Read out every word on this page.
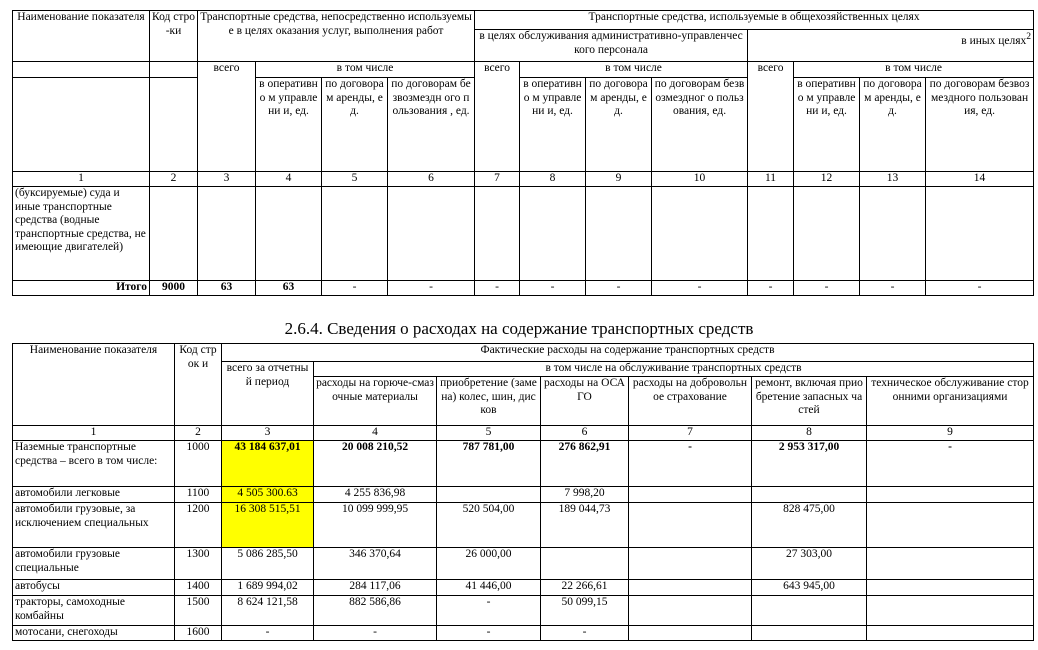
Наименование показателя	Код стро-ки	Транспортные средства, непосредственно используемые в целях оказания услуг, выполнения работ				Транспортные средства, используемые в общехозяйственных целях							
						в целях обслуживания административно-управленческого персонала				в иных целях$^2$
		всего	в том числе			всего	в том числе			всего	в том числе		
			в оперативно м управлени и, ед.	по договорам аренды, ед.	по договорам безвозмездн ого пользования , ед.		в оперативно м управлени и, ед.	по договорам аренды, ед.	по договорам безвозмездног о пользования, ед.		в оперативно м управлени и, ед.	по договора м аренды, ед.	по договорам безвозмездного пользования, ед.
1	2	3	4	5	6	7	8	9	10	11	12	13	14
(буксируемые) суда и иные транспортные средства (водные транспортные средства, не имеющие двигателей)													
Итого	9000	63	63	-	-	-	-	-	-	-	-	-	-
2.6.4. Сведения о расходах на содержание транспортных средств
Наименование показателя	Код строк и	Фактические расходы на содержание транспортных средств						
		всего за отчетный период	в том числе на обслуживание транспортных средств					
			расходы на горюче-смазочные материалы	приобретение (замена) колес, шин, дисков	расходы на ОСАГО	расходы на добровольное страхование	ремонт, включая приобретение запасных частей	техническое обслуживание сторонними организациями
1	2	3	4	5	6	7	8	9
Наземные транспортные средства – всего в том числе:	1000	43 184 637,01	20 008 210,52	787 781,00	276 862,91	-	2 953 317,00	-
автомобили легковые	1100	4 505 300.63	4 255 836,98		7 998,20			
автомобили грузовые, за исключением специальных	1200	16 308 515,51	10 099 999,95	520 504,00	189 044,73		828 475,00	
автомобили грузовые специальные	1300	5 086 285,50	346 370,64	26 000,00			27 303,00	
автобусы	1400	1 689 994,02	284 117,06	41 446,00	22 266,61		643 945,00	
тракторы, самоходные комбайны	1500	8 624 121,58	882 586,86	-	50 099,15			
мотосани, снегоходы	1600	-	-	-	-			
